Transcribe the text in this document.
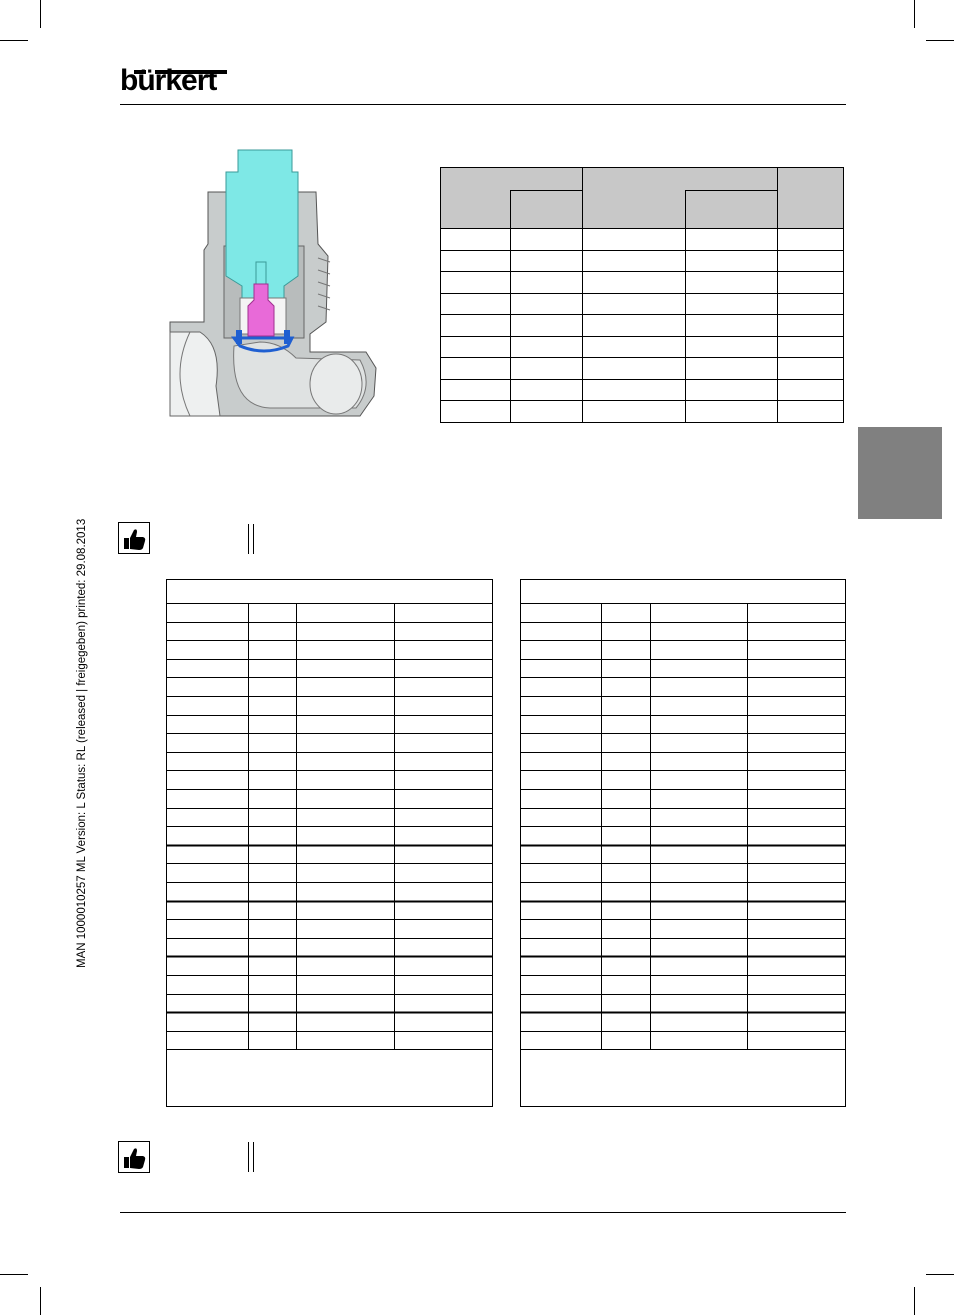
bürkert

MAN 1000010257 ML Version: L Status: RL (released | freigegeben) printed: 29.08.2013
